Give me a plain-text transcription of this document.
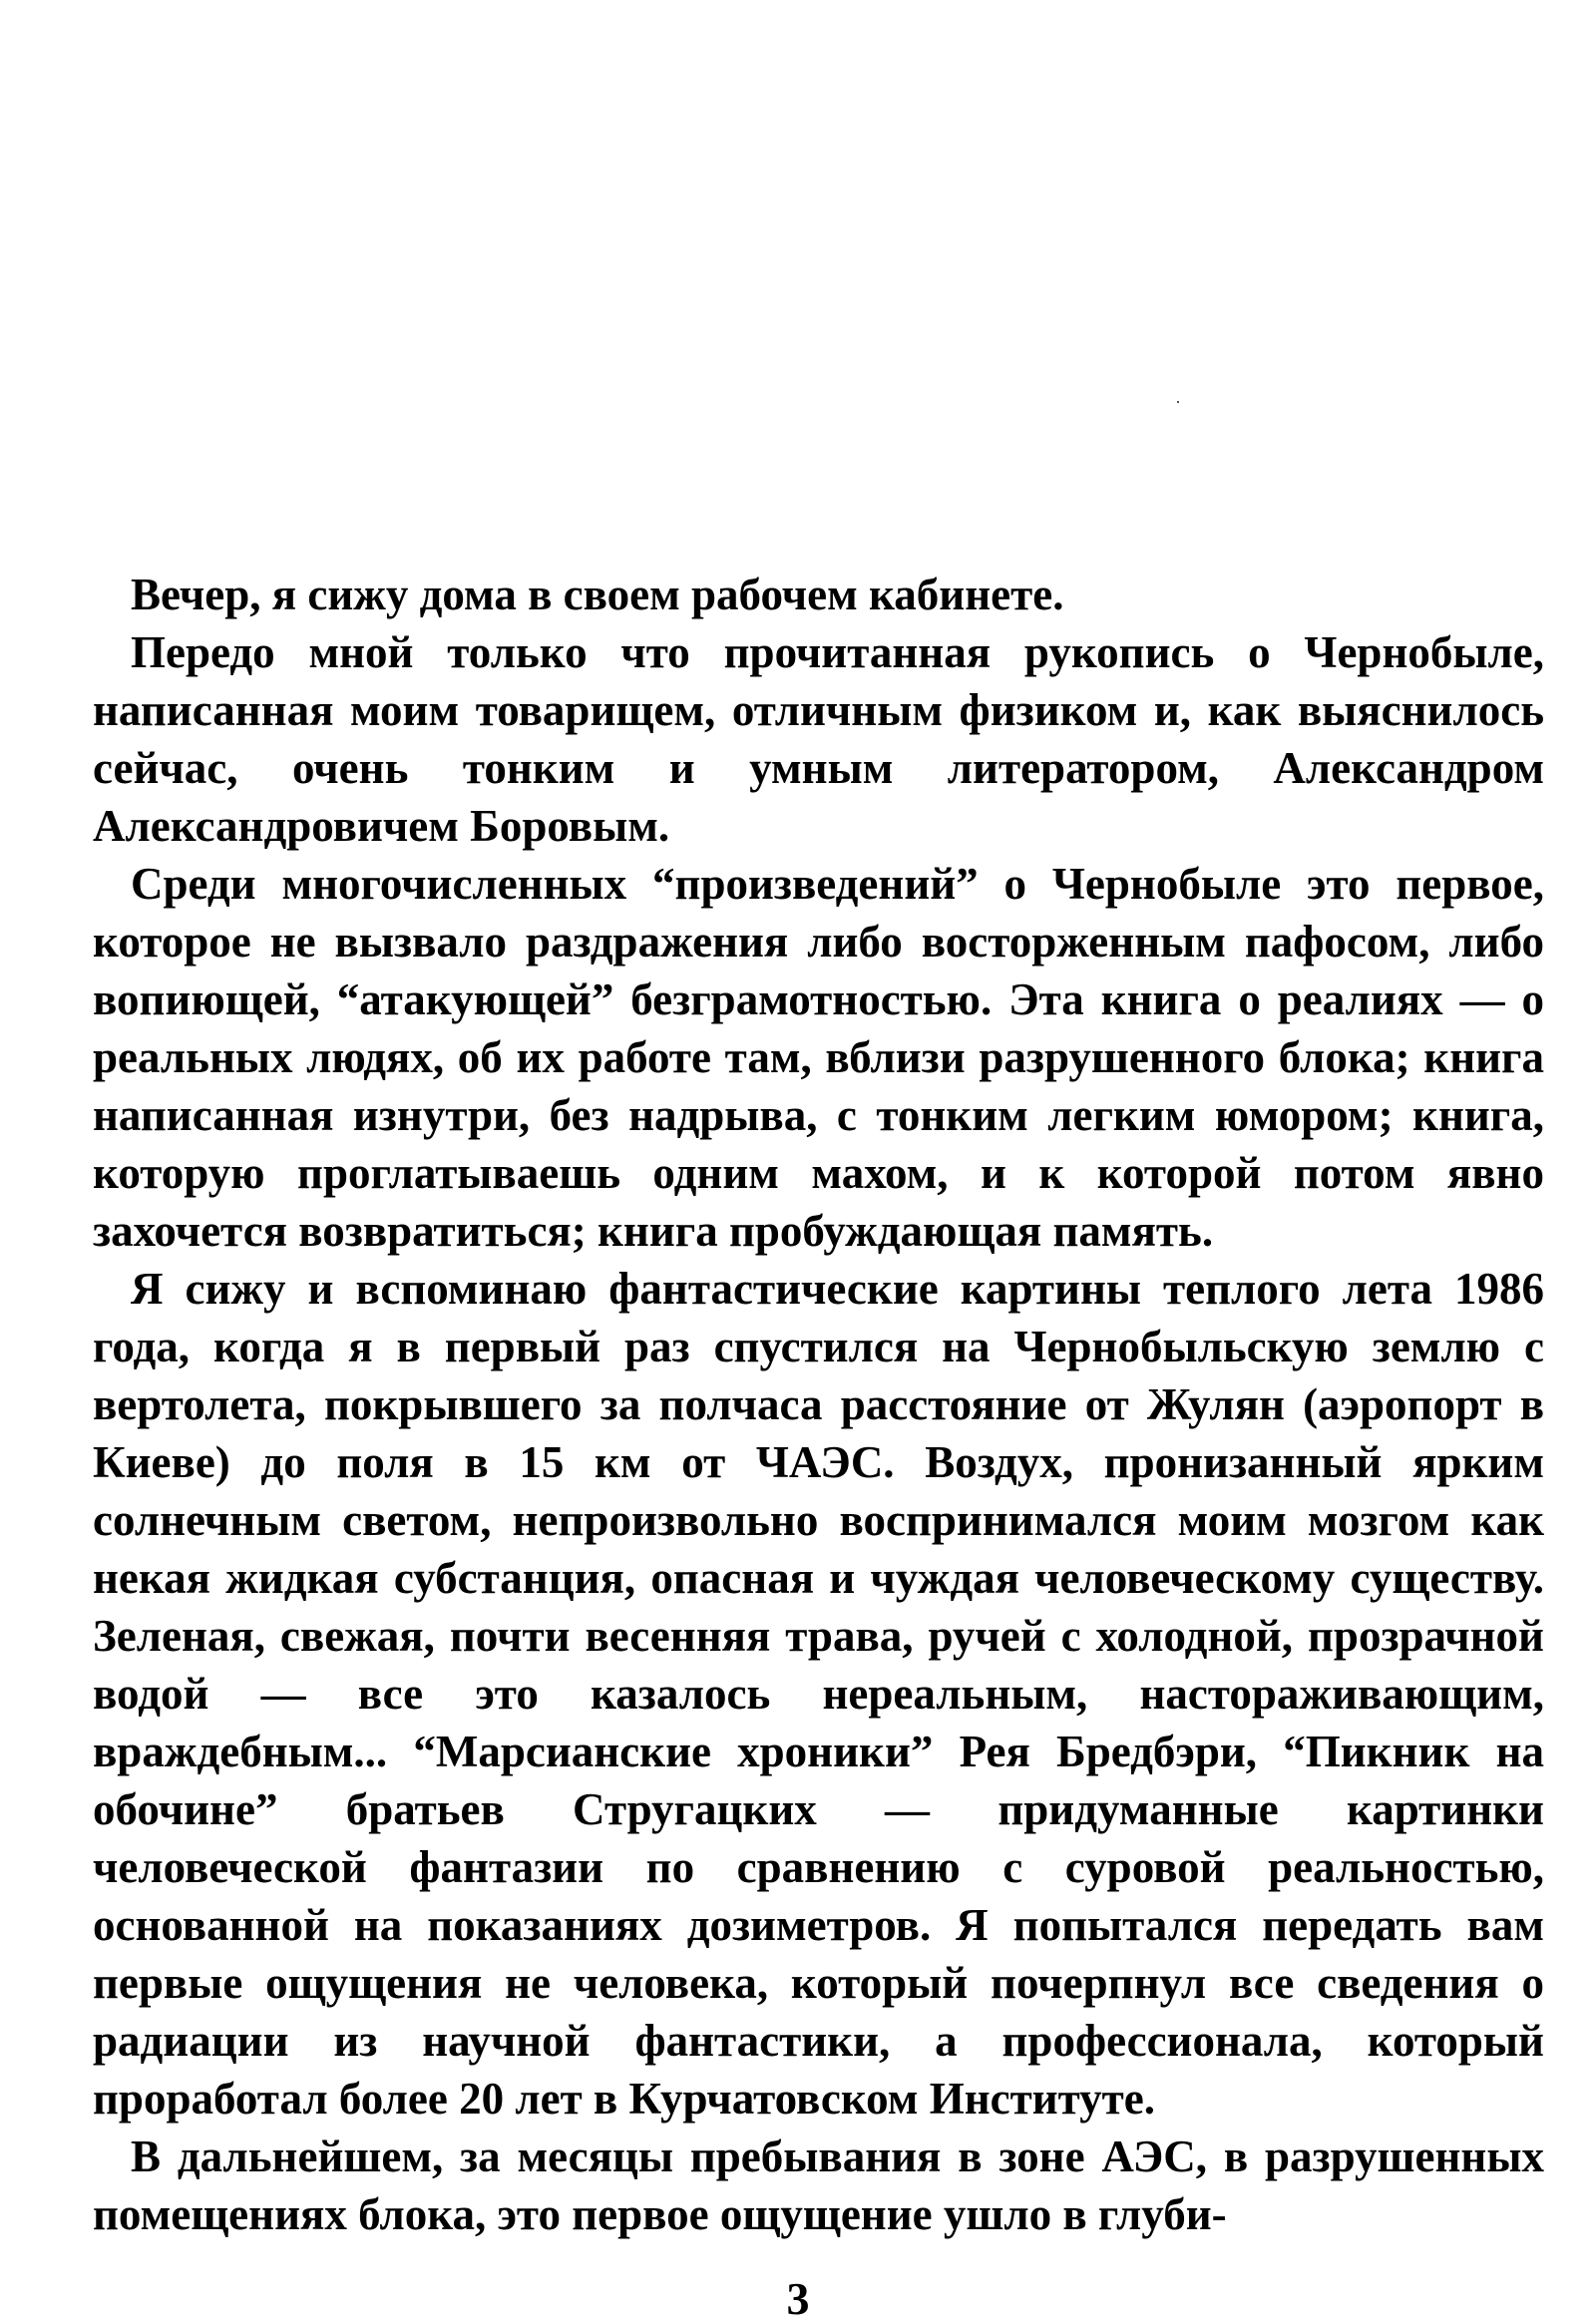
Вечер, я сижу дома в своем рабочем кабинете.

Передо мной только что прочитанная рукопись о Чернобыле, написанная моим товарищем, отличным физиком и, как выяснилось сейчас, очень тонким и умным литератором, Александром Александровичем Боровым.

Среди многочисленных “произведений” о Чернобыле это первое, которое не вызвало раздражения либо восторженным пафосом, либо вопиющей, “атакующей” безграмотностью. Эта книга о реалиях — о реальных людях, об их работе там, вблизи разрушенного блока; книга написанная изнутри, без надрыва, с тонким легким юмором; книга, которую проглатываешь одним махом, и к которой потом явно захочется возвратиться; книга пробуждающая память.

Я сижу и вспоминаю фантастические картины теплого лета 1986 года, когда я в первый раз спустился на Чернобыльскую землю с вертолета, покрывшего за полчаса расстояние от Жулян (аэропорт в Киеве) до поля в 15 км от ЧАЭС. Воздух, пронизанный ярким солнечным светом, непроизвольно воспринимался моим мозгом как некая жидкая субстанция, опасная и чуждая человеческому существу. Зеленая, свежая, почти весенняя трава, ручей с холодной, прозрачной водой — все это казалось нереальным, настораживающим, враждебным... “Марсианские хроники” Рея Бредбэри, “Пикник на обочине” братьев Стругацких — придуманные картинки человеческой фантазии по сравнению с суровой реальностью, основанной на показаниях дозиметров. Я попытался передать вам первые ощущения не человека, который почерпнул все сведения о радиации из научной фантастики, а профессионала, который проработал более 20 лет в Курчатовском Институте.

В дальнейшем, за месяцы пребывания в зоне АЭС, в разрушенных помещениях блока, это первое ощущение ушло в глуби-

3
